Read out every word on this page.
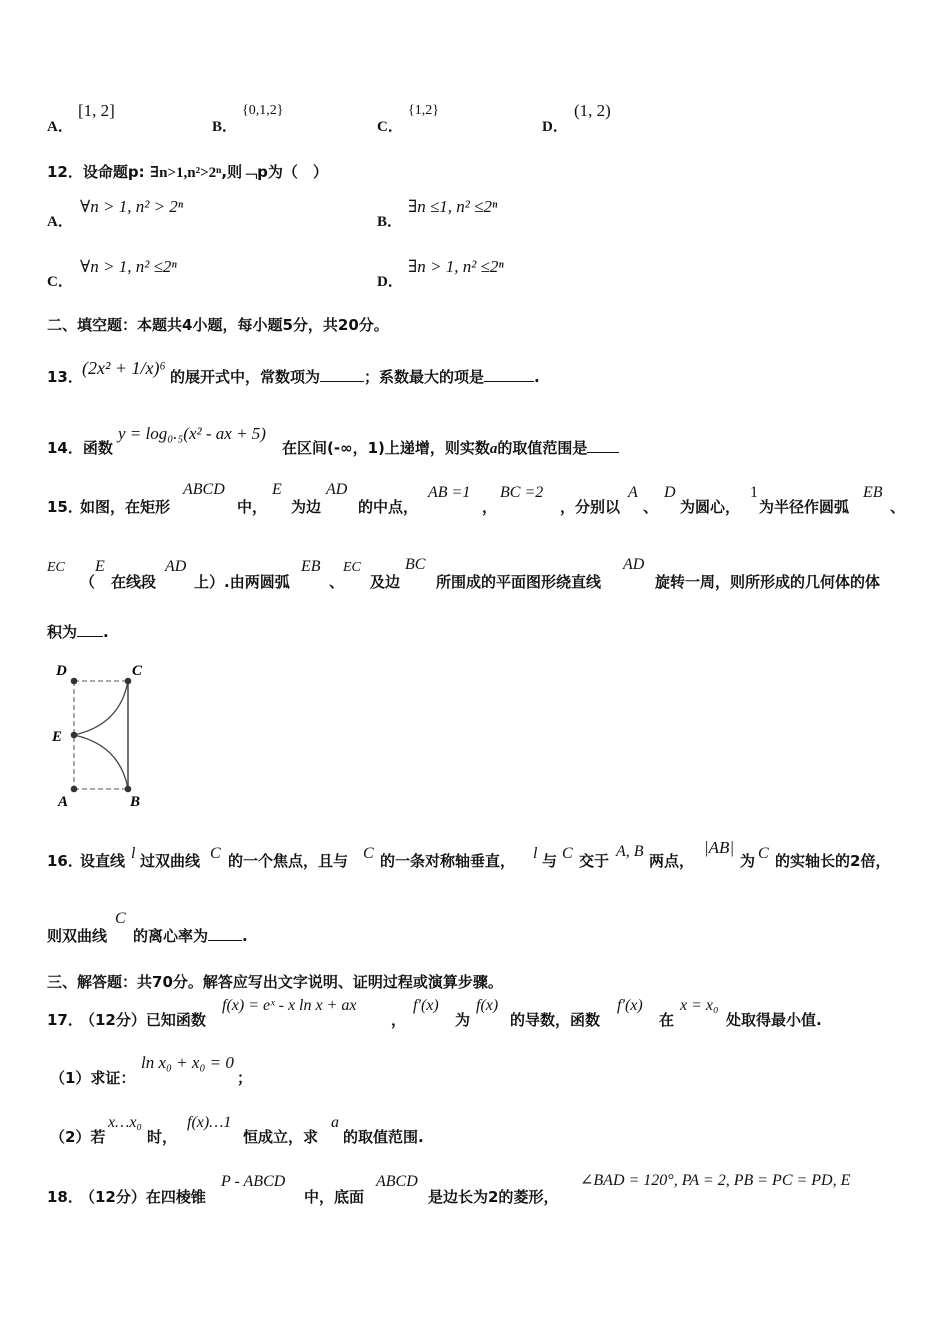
A．
[1, 2]
B．
{0,1,2}
C．
{1,2}
D．
(1, 2)
12．设命题p: ∃n>1,n²>2ⁿ,则﹁p为（　）
A．
∀n > 1, n² > 2ⁿ
B．
∃n ≤1, n² ≤2ⁿ
C．
∀n > 1, n² ≤2ⁿ
D．
∃n > 1, n² ≤2ⁿ
二、填空题：本题共4小题，每小题5分，共20分。
13． (2x² + 1/x)⁶ 的展开式中，常数项为	；系数最大的项是	.
14．函数
y = log₀.₅(x² - ax + 5)
在区间(-∞，1)上递增，则实数a的取值范围是
15．
如图，在矩形
ABCD
中，
E
为边
AD
的中点，
AB =1
，
BC =2
，分别以
A
、
D
为圆心，
1
为半径作圆弧
EB
、
EC
（
E
在线段
AD
上）.由两圆弧
EB
、
EC
及边
BC
所围成的平面图形绕直线
AD
旋转一周，则所形成的几何体的体
积为 .
D	C
E
A	B
16．
设直线 l 过双曲线 C 的一个焦点，且与 C 的一条对称轴垂直， l 与 C 交于
A, B
两点，
|AB|
为 C 的实轴长的2倍，
则双曲线
C
的离心率为 .
三、解答题：共70分。解答应写出文字说明、证明过程或演算步骤。
17．
（12分）已知函数
f(x) = eˣ - x ln x + ax
，
f′(x)
为
f(x)
的导数，函数
f′(x)
在
x = x₀
处取得最小值.
（1）求证：
ln x₀ + x₀ = 0
；
（2）若
x…x₀
时，
f(x)…1
恒成立，求
a
的取值范围.
18．
（12分）在四棱锥
P - ABCD
中，底面
ABCD
是边长为2的菱形，
∠BAD = 120°, PA = 2, PB = PC = PD, E
